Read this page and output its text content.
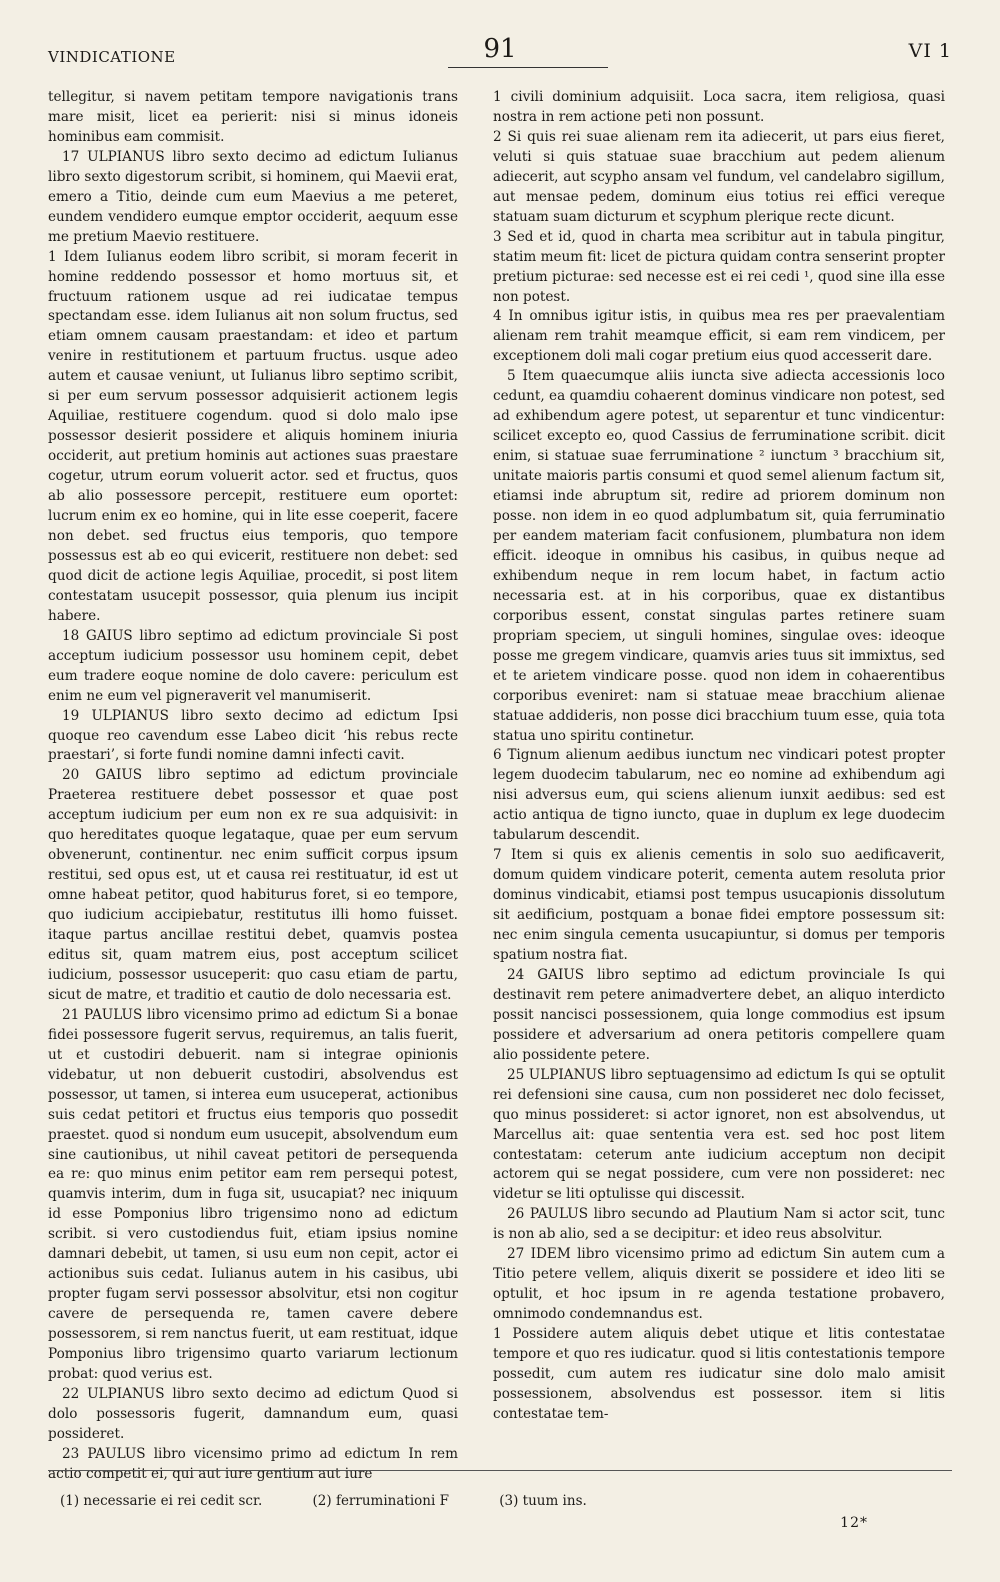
VINDICATIONE	91	VI 1

tellegitur, si navem petitam tempore navigationis trans mare misit, licet ea perierit: nisi si minus idoneis hominibus eam commisit.

17 ULPIANUS libro sexto decimo ad edictum Iulianus libro sexto digestorum scribit, si hominem, qui Maevii erat, emero a Titio, deinde cum eum Maevius a me peteret, eundem vendidero eumque emptor occiderit, aequum esse me pretium Maevio restituere.

1 Idem Iulianus eodem libro scribit, si moram fecerit in homine reddendo possessor et homo mortuus sit, et fructuum rationem usque ad rei iudicatae tempus spectandam esse. idem Iulianus ait non solum fructus, sed etiam omnem causam praestandam: et ideo et partum venire in restitutionem et partuum fructus. usque adeo autem et causae veniunt, ut Iulianus libro septimo scribit, si per eum servum possessor adquisierit actionem legis Aquiliae, restituere cogendum. quod si dolo malo ipse possessor desierit possidere et aliquis hominem iniuria occiderit, aut pretium hominis aut actiones suas praestare cogetur, utrum eorum voluerit actor. sed et fructus, quos ab alio possessore percepit, restituere eum oportet: lucrum enim ex eo homine, qui in lite esse coeperit, facere non debet. sed fructus eius temporis, quo tempore possessus est ab eo qui evicerit, restituere non debet: sed quod dicit de actione legis Aquiliae, procedit, si post litem contestatam usucepit possessor, quia plenum ius incipit habere.

18 GAIUS libro septimo ad edictum provinciale Si post acceptum iudicium possessor usu hominem cepit, debet eum tradere eoque nomine de dolo cavere: periculum est enim ne eum vel pigneraverit vel manumiserit.

19 ULPIANUS libro sexto decimo ad edictum Ipsi quoque reo cavendum esse Labeo dicit ‘his rebus recte praestari’, si forte fundi nomine damni infecti cavit.

20 GAIUS libro septimo ad edictum provinciale Praeterea restituere debet possessor et quae post acceptum iudicium per eum non ex re sua adquisivit: in quo hereditates quoque legataque, quae per eum servum obvenerunt, continentur. nec enim sufficit corpus ipsum restitui, sed opus est, ut et causa rei restituatur, id est ut omne habeat petitor, quod habiturus foret, si eo tempore, quo iudicium accipiebatur, restitutus illi homo fuisset. itaque partus ancillae restitui debet, quamvis postea editus sit, quam matrem eius, post acceptum scilicet iudicium, possessor usuceperit: quo casu etiam de partu, sicut de matre, et traditio et cautio de dolo necessaria est.

21 PAULUS libro vicensimo primo ad edictum Si a bonae fidei possessore fugerit servus, requiremus, an talis fuerit, ut et custodiri debuerit. nam si integrae opinionis videbatur, ut non debuerit custodiri, absolvendus est possessor, ut tamen, si interea eum usuceperat, actionibus suis cedat petitori et fructus eius temporis quo possedit praestet. quod si nondum eum usucepit, absolvendum eum sine cautionibus, ut nihil caveat petitori de persequenda ea re: quo minus enim petitor eam rem persequi potest, quamvis interim, dum in fuga sit, usucapiat? nec iniquum id esse Pomponius libro trigensimo nono ad edictum scribit. si vero custodiendus fuit, etiam ipsius nomine damnari debebit, ut tamen, si usu eum non cepit, actor ei actionibus suis cedat. Iulianus autem in his casibus, ubi propter fugam servi possessor absolvitur, etsi non cogitur cavere de persequenda re, tamen cavere debere possessorem, si rem nanctus fuerit, ut eam restituat, idque Pomponius libro trigensimo quarto variarum lectionum probat: quod verius est.

22 ULPIANUS libro sexto decimo ad edictum Quod si dolo possessoris fugerit, damnandum eum, quasi possideret.

23 PAULUS libro vicensimo primo ad edictum In rem actio competit ei, qui aut iure gentium aut iure

1 civili dominium adquisiit. Loca sacra, item religiosa, quasi nostra in rem actione peti non possunt.

2 Si quis rei suae alienam rem ita adiecerit, ut pars eius fieret, veluti si quis statuae suae bracchium aut pedem alienum adiecerit, aut scypho ansam vel fundum, vel candelabro sigillum, aut mensae pedem, dominum eius totius rei effici vereque statuam suam dicturum et scyphum plerique recte dicunt.

3 Sed et id, quod in charta mea scribitur aut in tabula pingitur, statim meum fit: licet de pictura quidam contra senserint propter pretium picturae: sed necesse est ei rei cedi ¹, quod sine illa esse non potest.

4 In omnibus igitur istis, in quibus mea res per praevalentiam alienam rem trahit meamque efficit, si eam rem vindicem, per exceptionem doli mali cogar pretium eius quod accesserit dare.

5 Item quaecumque aliis iuncta sive adiecta accessionis loco cedunt, ea quamdiu cohaerent dominus vindicare non potest, sed ad exhibendum agere potest, ut separentur et tunc vindicentur: scilicet excepto eo, quod Cassius de ferruminatione scribit. dicit enim, si statuae suae ferruminatione ² iunctum ³ bracchium sit, unitate maioris partis consumi et quod semel alienum factum sit, etiamsi inde abruptum sit, redire ad priorem dominum non posse. non idem in eo quod adplumbatum sit, quia ferruminatio per eandem materiam facit confusionem, plumbatura non idem efficit. ideoque in omnibus his casibus, in quibus neque ad exhibendum neque in rem locum habet, in factum actio necessaria est. at in his corporibus, quae ex distantibus corporibus essent, constat singulas partes retinere suam propriam speciem, ut singuli homines, singulae oves: ideoque posse me gregem vindicare, quamvis aries tuus sit immixtus, sed et te arietem vindicare posse. quod non idem in cohaerentibus corporibus eveniret: nam si statuae meae bracchium alienae statuae addideris, non posse dici bracchium tuum esse, quia tota statua uno spiritu continetur.

6 Tignum alienum aedibus iunctum nec vindicari potest propter legem duodecim tabularum, nec eo nomine ad exhibendum agi nisi adversus eum, qui sciens alienum iunxit aedibus: sed est actio antiqua de tigno iuncto, quae in duplum ex lege duodecim tabularum descendit.

7 Item si quis ex alienis cementis in solo suo aedificaverit, domum quidem vindicare poterit, cementa autem resoluta prior dominus vindicabit, etiamsi post tempus usucapionis dissolutum sit aedificium, postquam a bonae fidei emptore possessum sit: nec enim singula cementa usucapiuntur, si domus per temporis spatium nostra fiat.

24 GAIUS libro septimo ad edictum provinciale Is qui destinavit rem petere animadvertere debet, an aliquo interdicto possit nancisci possessionem, quia longe commodius est ipsum possidere et adversarium ad onera petitoris compellere quam alio possidente petere.

25 ULPIANUS libro septuagensimo ad edictum Is qui se optulit rei defensioni sine causa, cum non possideret nec dolo fecisset, quo minus possideret: si actor ignoret, non est absolvendus, ut Marcellus ait: quae sententia vera est. sed hoc post litem contestatam: ceterum ante iudicium acceptum non decipit actorem qui se negat possidere, cum vere non possideret: nec videtur se liti optulisse qui discessit.

26 PAULUS libro secundo ad Plautium Nam si actor scit, tunc is non ab alio, sed a se decipitur: et ideo reus absolvitur.

27 IDEM libro vicensimo primo ad edictum Sin autem cum a Titio petere vellem, aliquis dixerit se possidere et ideo liti se optulit, et hoc ipsum in re agenda testatione probavero, omnimodo condemnandus est.

1 Possidere autem aliquis debet utique et litis contestatae tempore et quo res iudicatur. quod si litis contestationis tempore possedit, cum autem res iudicatur sine dolo malo amisit possessionem, absolvendus est possessor. item si litis contestatae tem-

(1) necessarie ei rei cedit scr.	(2) ferruminationi F	(3) tuum ins.
12*
